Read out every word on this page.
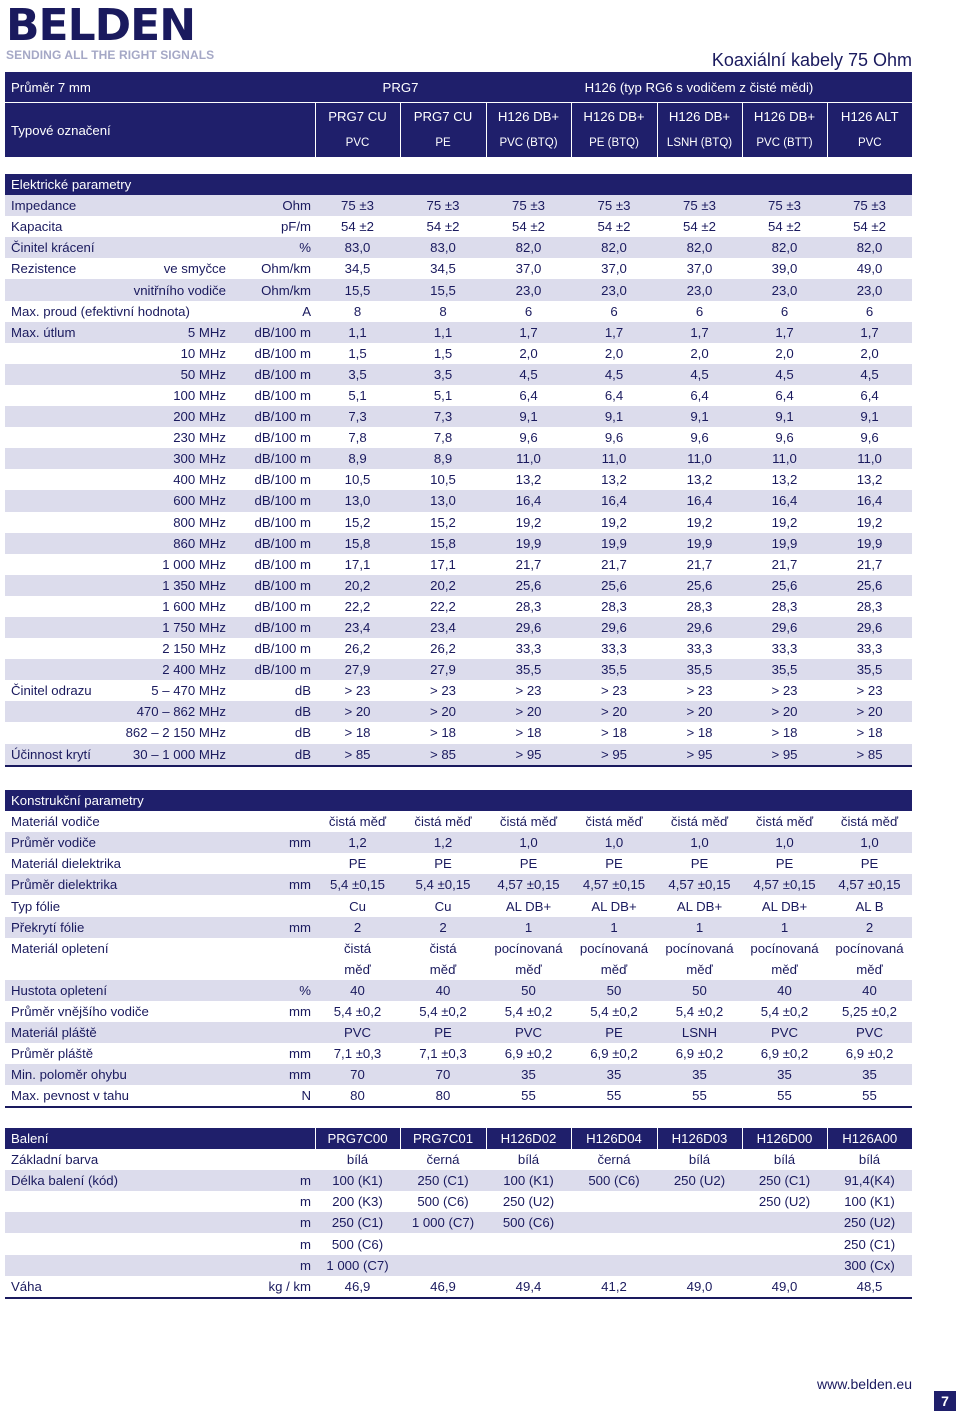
BELDEN
SENDING ALL THE RIGHT SIGNALS	Koaxiální kabely 75 Ohm
Průměr 7 mm	PRG7		H126 (typ RG6 s vodičem z čisté mědi)				
Typové označení	PRG7 CU	PRG7 CU	H126 DB+	H126 DB+	H126 DB+	H126 DB+	H126 ALT
	PVC	PE	PVC (BTQ)	PE (BTQ)	LSNH (BTQ)	PVC (BTT)	PVC
Elektrické parametry									
Impedance		Ohm	75 ±3	75 ±3	75 ±3	75 ±3	75 ±3	75 ±3	75 ±3
Kapacita		pF/m	54 ±2	54 ±2	54 ±2	54 ±2	54 ±2	54 ±2	54 ±2
Činitel krácení		%	83,0	83,0	82,0	82,0	82,0	82,0	82,0
Rezistence	ve smyčce	Ohm/km	34,5	34,5	37,0	37,0	37,0	39,0	49,0
	vnitřního vodiče	Ohm/km	15,5	15,5	23,0	23,0	23,0	23,0	23,0
Max. proud (efektivní hodnota)		A	8	8	6	6	6	6	6
Max. útlum	5 MHz	dB/100 m	1,1	1,1	1,7	1,7	1,7	1,7	1,7
	10 MHz	dB/100 m	1,5	1,5	2,0	2,0	2,0	2,0	2,0
	50 MHz	dB/100 m	3,5	3,5	4,5	4,5	4,5	4,5	4,5
	100 MHz	dB/100 m	5,1	5,1	6,4	6,4	6,4	6,4	6,4
	200 MHz	dB/100 m	7,3	7,3	9,1	9,1	9,1	9,1	9,1
	230 MHz	dB/100 m	7,8	7,8	9,6	9,6	9,6	9,6	9,6
	300 MHz	dB/100 m	8,9	8,9	11,0	11,0	11,0	11,0	11,0
	400 MHz	dB/100 m	10,5	10,5	13,2	13,2	13,2	13,2	13,2
	600 MHz	dB/100 m	13,0	13,0	16,4	16,4	16,4	16,4	16,4
	800 MHz	dB/100 m	15,2	15,2	19,2	19,2	19,2	19,2	19,2
	860 MHz	dB/100 m	15,8	15,8	19,9	19,9	19,9	19,9	19,9
	1 000 MHz	dB/100 m	17,1	17,1	21,7	21,7	21,7	21,7	21,7
	1 350 MHz	dB/100 m	20,2	20,2	25,6	25,6	25,6	25,6	25,6
	1 600 MHz	dB/100 m	22,2	22,2	28,3	28,3	28,3	28,3	28,3
	1 750 MHz	dB/100 m	23,4	23,4	29,6	29,6	29,6	29,6	29,6
	2 150 MHz	dB/100 m	26,2	26,2	33,3	33,3	33,3	33,3	33,3
	2 400 MHz	dB/100 m	27,9	27,9	35,5	35,5	35,5	35,5	35,5
Činitel odrazu	5 – 470 MHz	dB	> 23	> 23	> 23	> 23	> 23	> 23	> 23
	470 – 862 MHz	dB	> 20	> 20	> 20	> 20	> 20	> 20	> 20
	862 – 2 150 MHz	dB	> 18	> 18	> 18	> 18	> 18	> 18	> 18
Účinnost krytí	30 – 1 000 MHz	dB	> 85	> 85	> 95	> 95	> 95	> 95	> 85
Konstrukční parametry								
Materiál vodiče		čistá měď	čistá měď	čistá měď	čistá měď	čistá měď	čistá měď	čistá měď
Průměr vodiče	mm	1,2	1,2	1,0	1,0	1,0	1,0	1,0
Materiál dielektrika		PE	PE	PE	PE	PE	PE	PE
Průměr dielektrika	mm	5,4 ±0,15	5,4 ±0,15	4,57 ±0,15	4,57 ±0,15	4,57 ±0,15	4,57 ±0,15	4,57 ±0,15
Typ fólie		Cu	Cu	AL DB+	AL DB+	AL DB+	AL DB+	AL B
Překrytí fólie	mm	2	2	1	1	1	1	2
Materiál opletení		čistá	čistá	pocínovaná	pocínovaná	pocínovaná	pocínovaná	pocínovaná
		měď	měď	měď	měď	měď	měď	měď
Hustota opletení	%	40	40	50	50	50	40	40
Průměr vnějšího vodiče	mm	5,4 ±0,2	5,4 ±0,2	5,4 ±0,2	5,4 ±0,2	5,4 ±0,2	5,4 ±0,2	5,25 ±0,2
Materiál pláště		PVC	PE	PVC	PE	LSNH	PVC	PVC
Průměr pláště	mm	7,1 ±0,3	7,1 ±0,3	6,9 ±0,2	6,9 ±0,2	6,9 ±0,2	6,9 ±0,2	6,9 ±0,2
Min. poloměr ohybu	mm	70	70	35	35	35	35	35
Max. pevnost v tahu	N	80	80	55	55	55	55	55
Balení		PRG7C00	PRG7C01	H126D02	H126D04	H126D03	H126D00	H126A00
Základní barva		bílá	černá	bílá	černá	bílá	bílá	bílá
Délka balení (kód)	m	100 (K1)	250 (C1)	100 (K1)	500 (C6)	250 (U2)	250 (C1)	91,4(K4)
	m	200 (K3)	500 (C6)	250 (U2)			250 (U2)	100 (K1)
	m	250 (C1)	1 000 (C7)	500 (C6)				250 (U2)
	m	500 (C6)						250 (C1)
	m	1 000 (C7)						300 (Cx)
Váha	kg / km	46,9	46,9	49,4	41,2	49,0	49,0	48,5
www.belden.eu
7
